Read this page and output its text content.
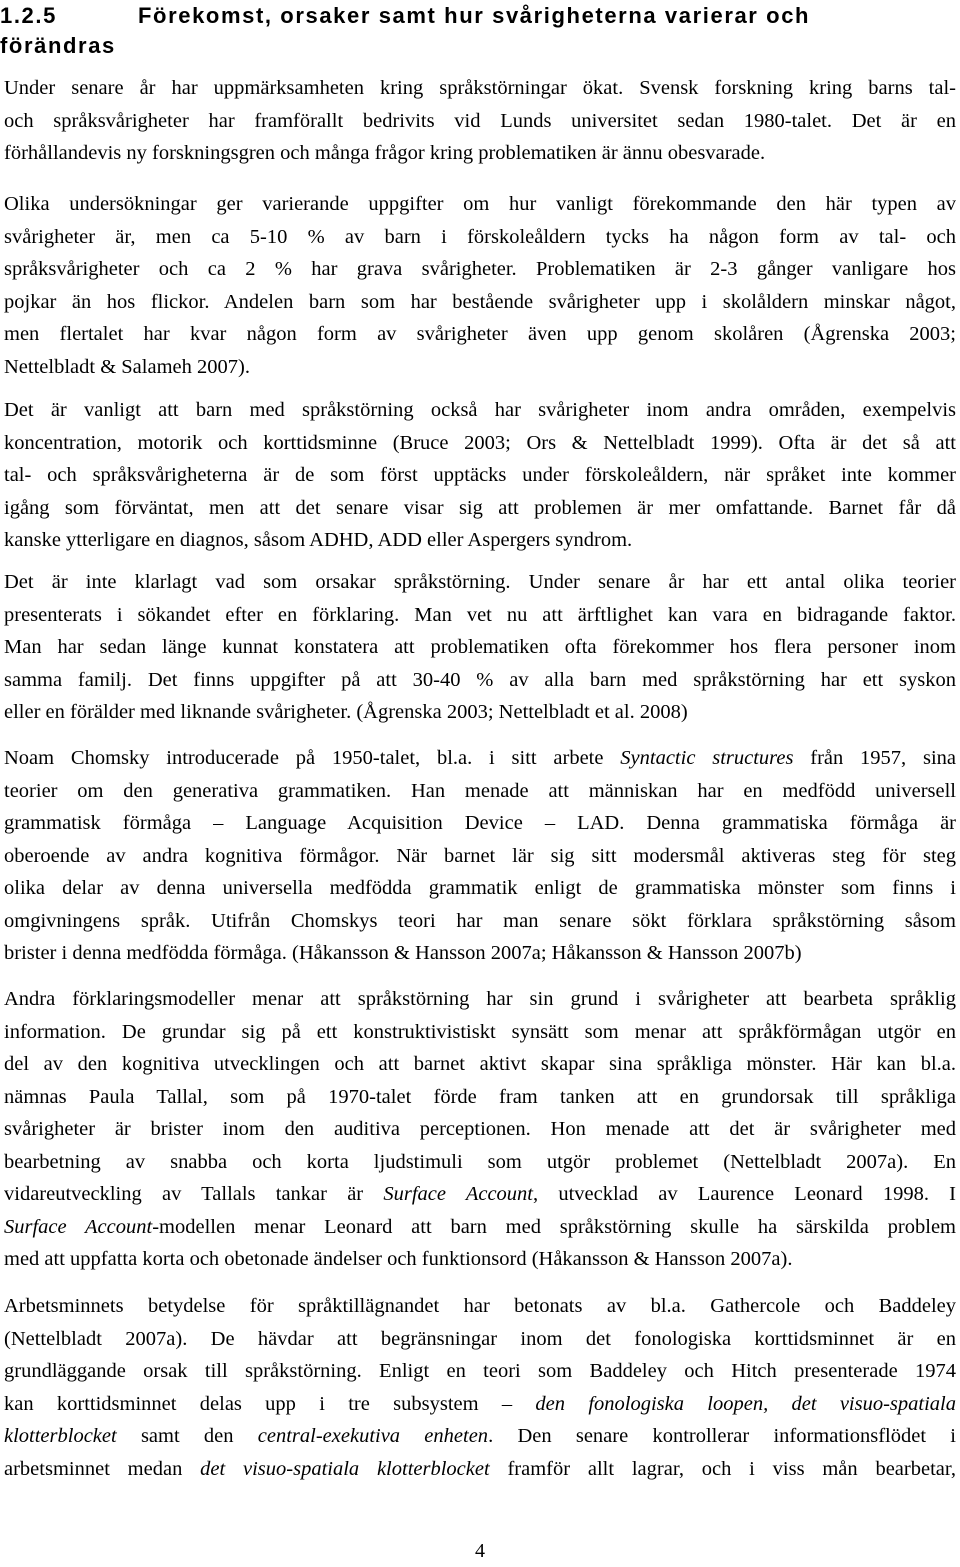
1.2.5	Förekomst, orsaker samt hur svårigheterna varierar och
förändras
Under senare år har uppmärksamheten kring språkstörningar ökat. Svensk forskning kring barns tal-
och språksvårigheter har framförallt bedrivits vid Lunds universitet sedan 1980-talet. Det är en
förhållandevis ny forskningsgren och många frågor kring problematiken är ännu obesvarade.
Olika undersökningar ger varierande uppgifter om hur vanligt förekommande den här typen av
svårigheter är, men ca 5-10 % av barn i förskoleåldern tycks ha någon form av tal- och
språksvårigheter och ca 2 % har grava svårigheter. Problematiken är 2-3 gånger vanligare hos
pojkar än hos flickor. Andelen barn som har bestående svårigheter upp i skolåldern minskar något,
men flertalet har kvar någon form av svårigheter även upp genom skolåren (Ågrenska 2003;
Nettelbladt & Salameh 2007).
Det är vanligt att barn med språkstörning också har svårigheter inom andra områden, exempelvis
koncentration, motorik och korttidsminne (Bruce 2003; Ors & Nettelbladt 1999). Ofta är det så att
tal- och språksvårigheterna är de som först upptäcks under förskoleåldern, när språket inte kommer
igång som förväntat, men att det senare visar sig att problemen är mer omfattande. Barnet får då
kanske ytterligare en diagnos, såsom ADHD, ADD eller Aspergers syndrom.
Det är inte klarlagt vad som orsakar språkstörning. Under senare år har ett antal olika teorier
presenterats i sökandet efter en förklaring. Man vet nu att ärftlighet kan vara en bidragande faktor.
Man har sedan länge kunnat konstatera att problematiken ofta förekommer hos flera personer inom
samma familj. Det finns uppgifter på att 30-40 % av alla barn med språkstörning har ett syskon
eller en förälder med liknande svårigheter. (Ågrenska 2003; Nettelbladt et al. 2008)
Noam Chomsky introducerade på 1950-talet, bl.a. i sitt arbete Syntactic structures från 1957, sina
teorier om den generativa grammatiken. Han menade att människan har en medfödd universell
grammatisk förmåga – Language Acquisition Device – LAD. Denna grammatiska förmåga är
oberoende av andra kognitiva förmågor. När barnet lär sig sitt modersmål aktiveras steg för steg
olika delar av denna universella medfödda grammatik enligt de grammatiska mönster som finns i
omgivningens språk. Utifrån Chomskys teori har man senare sökt förklara språkstörning såsom
brister i denna medfödda förmåga. (Håkansson & Hansson 2007a; Håkansson & Hansson 2007b)
Andra förklaringsmodeller menar att språkstörning har sin grund i svårigheter att bearbeta språklig
information. De grundar sig på ett konstruktivistiskt synsätt som menar att språkförmågan utgör en
del av den kognitiva utvecklingen och att barnet aktivt skapar sina språkliga mönster. Här kan bl.a.
nämnas Paula Tallal, som på 1970-talet förde fram tanken att en grundorsak till språkliga
svårigheter är brister inom den auditiva perceptionen. Hon menade att det är svårigheter med
bearbetning av snabba och korta ljudstimuli som utgör problemet (Nettelbladt 2007a). En
vidareutveckling av Tallals tankar är Surface Account, utvecklad av Laurence Leonard 1998. I
Surface Account-modellen menar Leonard att barn med språkstörning skulle ha särskilda problem
med att uppfatta korta och obetonade ändelser och funktionsord (Håkansson & Hansson 2007a).
Arbetsminnets betydelse för språktillägnandet har betonats av bl.a. Gathercole och Baddeley
(Nettelbladt 2007a). De hävdar att begränsningar inom det fonologiska korttidsminnet är en
grundläggande orsak till språkstörning. Enligt en teori som Baddeley och Hitch presenterade 1974
kan korttidsminnet delas upp i tre subsystem – den fonologiska loopen, det visuo-spatiala
klotterblocket samt den central-exekutiva enheten. Den senare kontrollerar informationsflödet i
arbetsminnet medan det visuo-spatiala klotterblocket framför allt lagrar, och i viss mån bearbetar,
4
